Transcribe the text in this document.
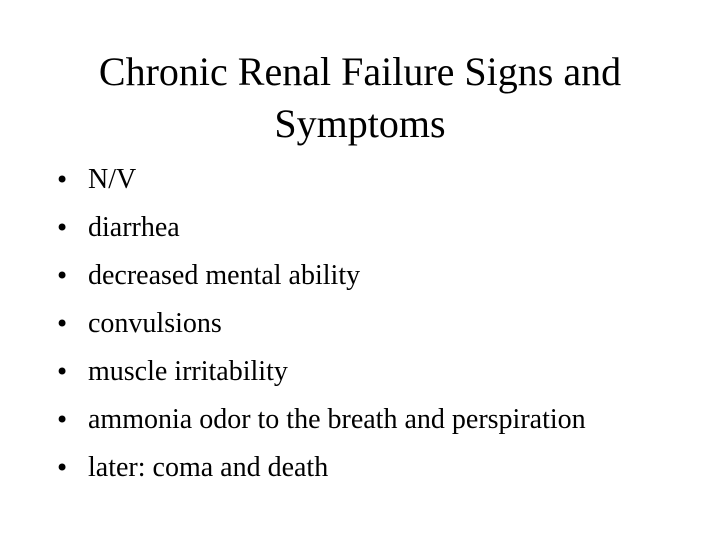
Chronic Renal Failure Signs and
Symptoms
• N/V
• diarrhea
• decreased mental ability
• convulsions
• muscle irritability
• ammonia odor to the breath and perspiration
• later: coma and death
